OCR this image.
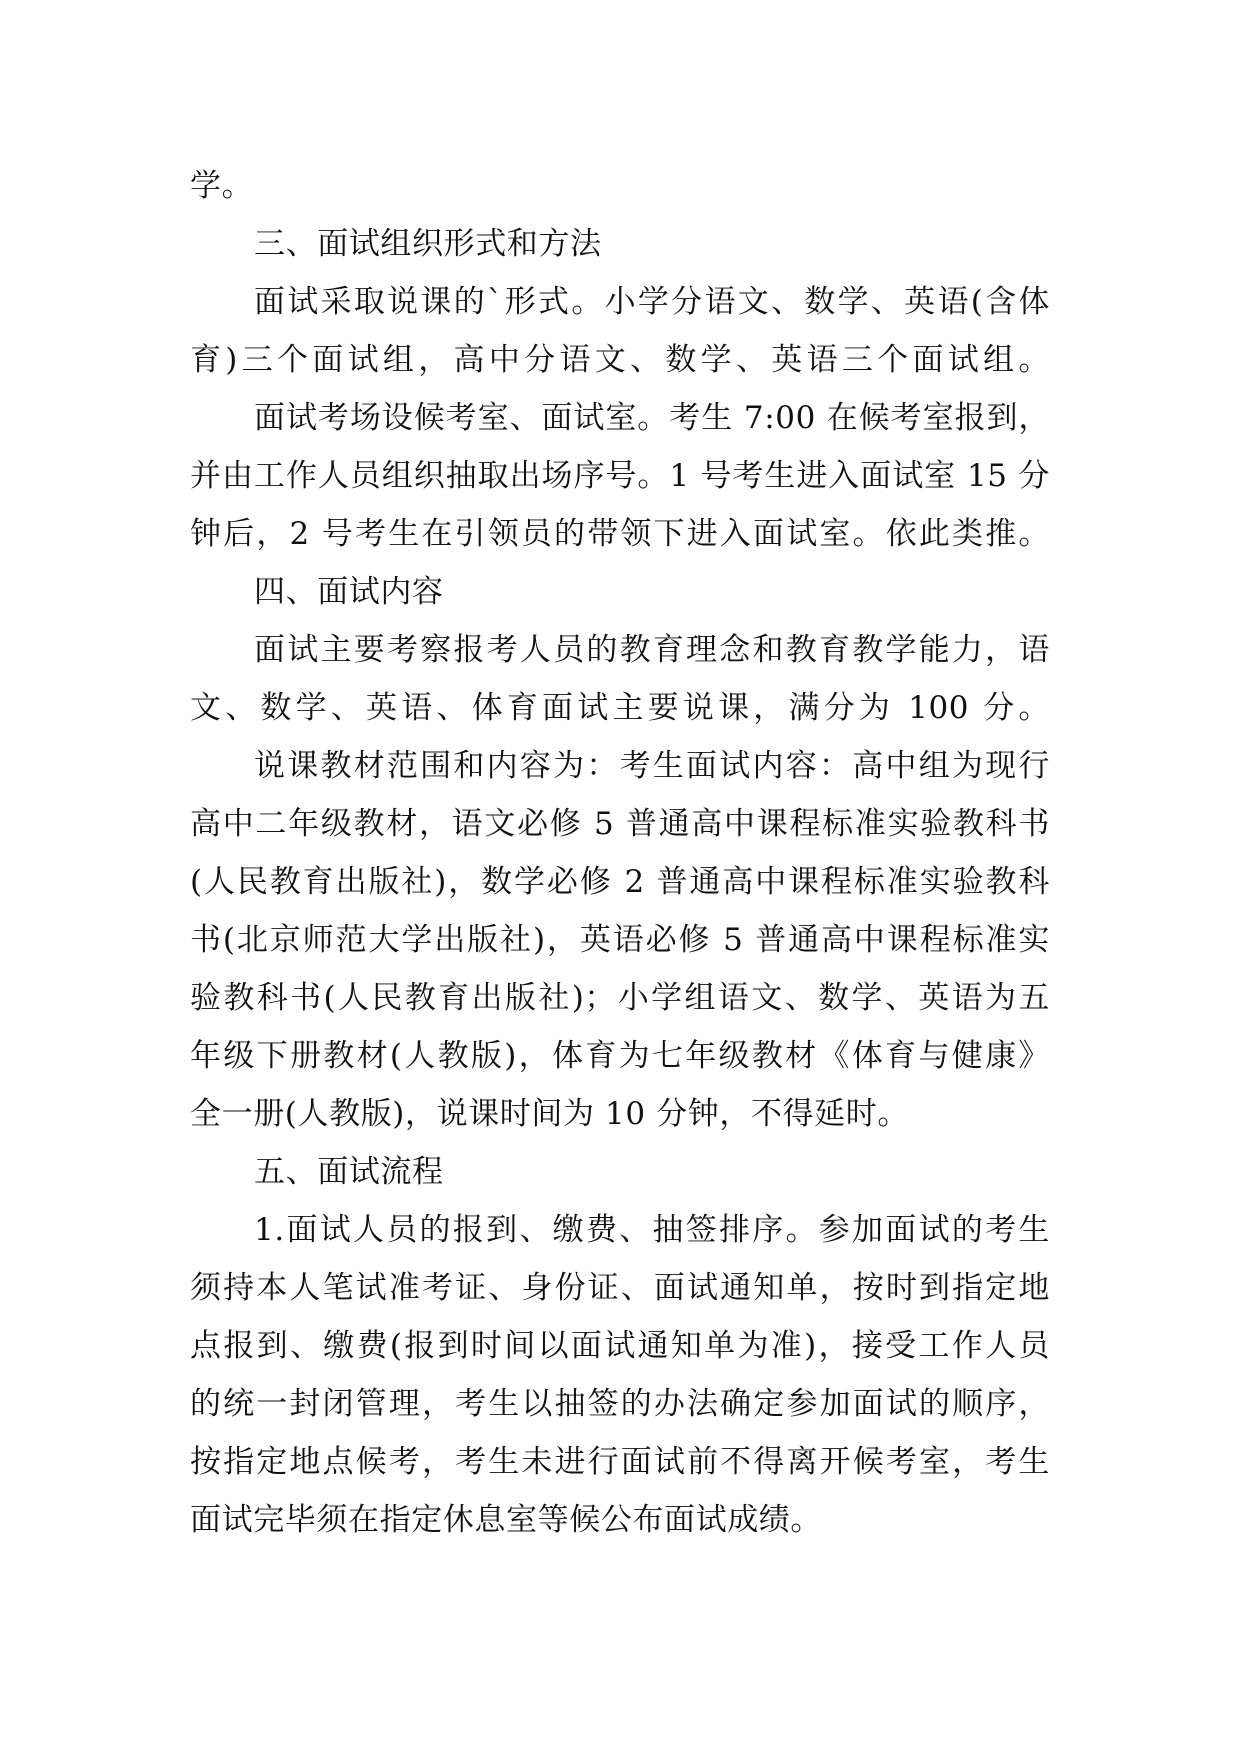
学。
三、面试组织形式和方法
面试采取说课的`形式。小学分语文、数学、英语(含体
育)三个面试组，高中分语文、数学、英语三个面试组。
面试考场设候考室、面试室。考生 7:00 在候考室报到，
并由工作人员组织抽取出场序号。1 号考生进入面试室 15 分
钟后，2 号考生在引领员的带领下进入面试室。依此类推。
四、面试内容
面试主要考察报考人员的教育理念和教育教学能力，语
文、数学、英语、体育面试主要说课，满分为 100 分。
说课教材范围和内容为：考生面试内容：高中组为现行
高中二年级教材，语文必修 5 普通高中课程标准实验教科书
(人民教育出版社)，数学必修 2 普通高中课程标准实验教科
书(北京师范大学出版社)，英语必修 5 普通高中课程标准实
验教科书(人民教育出版社)；小学组语文、数学、英语为五
年级下册教材(人教版)，体育为七年级教材《体育与健康》
全一册(人教版)，说课时间为 10 分钟，不得延时。
五、面试流程
1.面试人员的报到、缴费、抽签排序。参加面试的考生
须持本人笔试准考证、身份证、面试通知单，按时到指定地
点报到、缴费(报到时间以面试通知单为准)，接受工作人员
的统一封闭管理，考生以抽签的办法确定参加面试的顺序，
按指定地点候考，考生未进行面试前不得离开候考室，考生
面试完毕须在指定休息室等候公布面试成绩。
